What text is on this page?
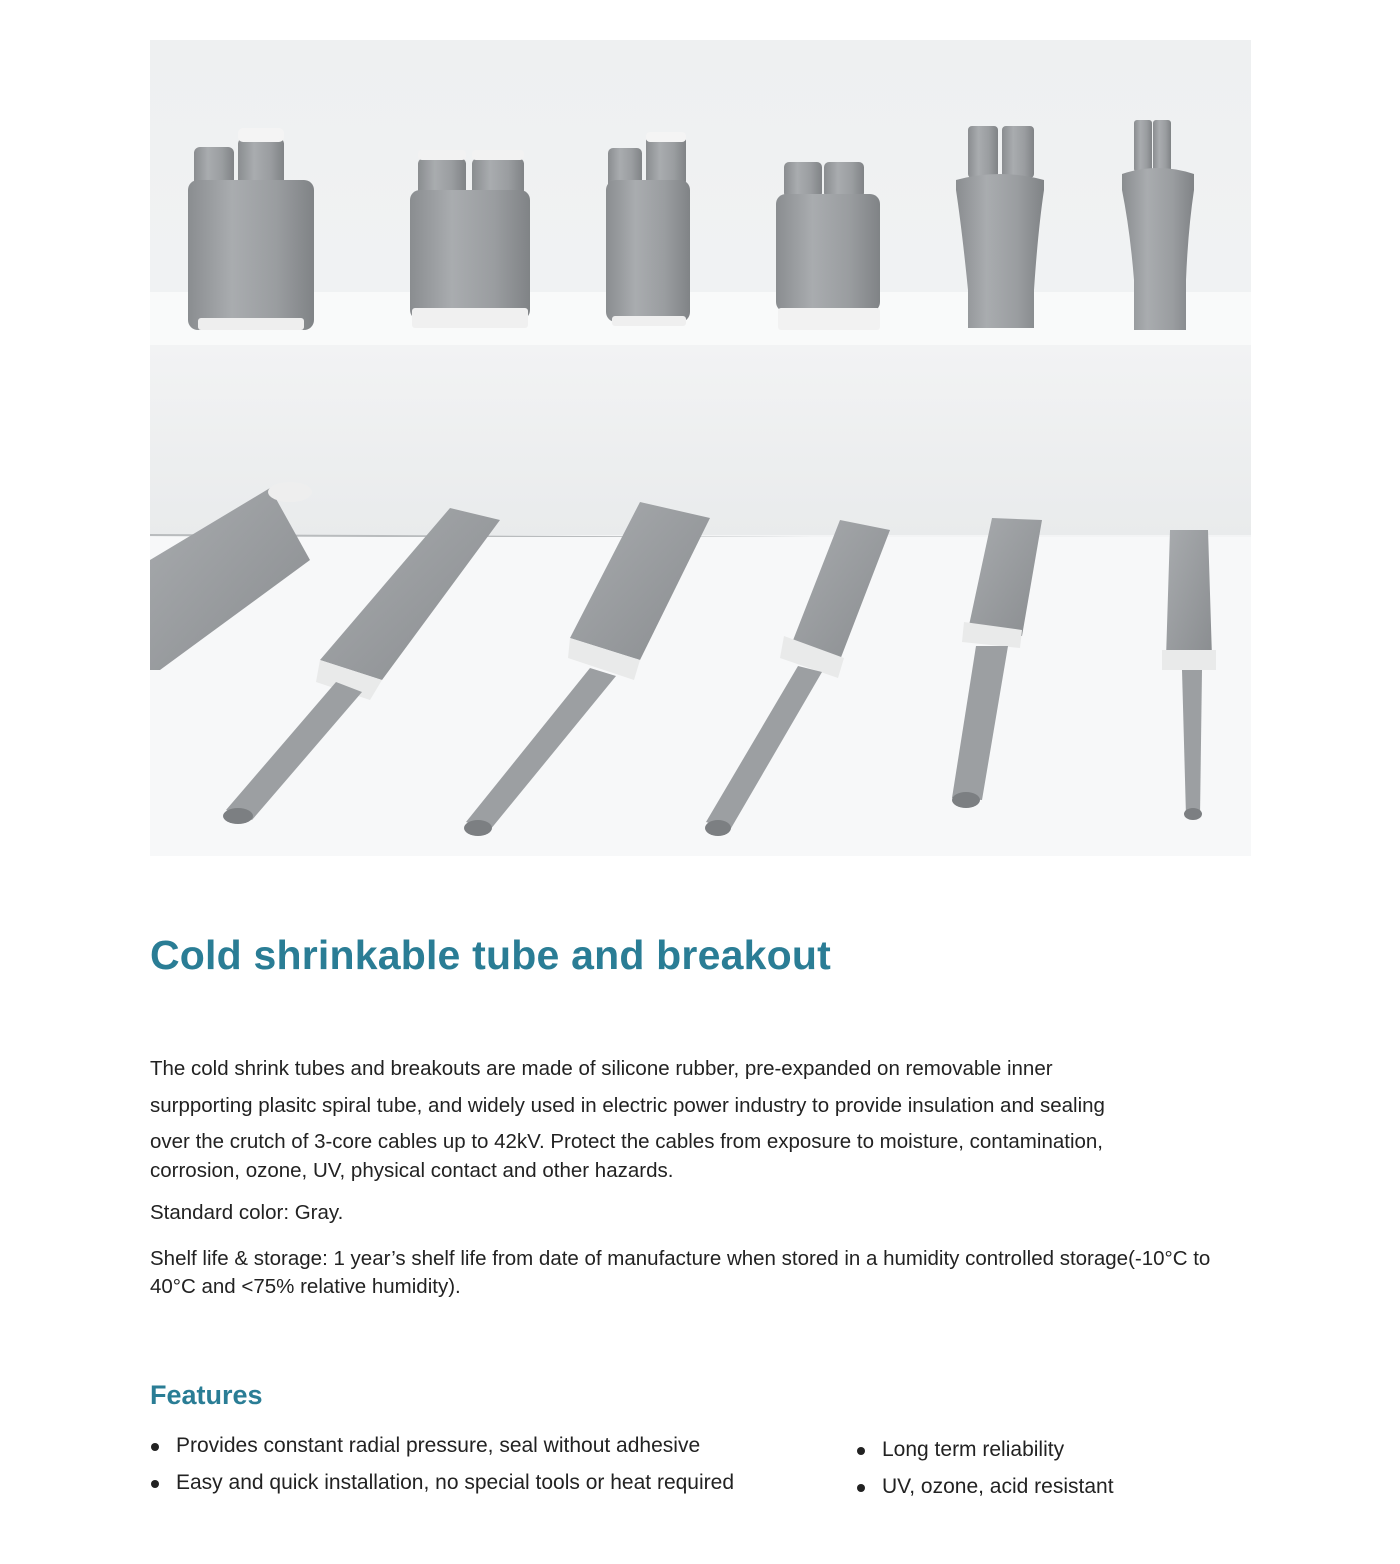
Cold shrinkable tube and breakout

The cold shrink tubes and breakouts are made of silicone rubber, pre-expanded on removable inner
surpporting plasitc spiral tube, and widely used in electric power industry to provide insulation and sealing
over the crutch of 3-core cables up to 42kV. Protect the cables from exposure to moisture, contamination,
corrosion, ozone, UV, physical contact and other hazards.

Standard color: Gray.

Shelf life & storage: 1 year’s shelf life from date of manufacture when stored in a humidity controlled storage(-10°C to 40°C and <75% relative humidity).

Features
Provides constant radial pressure, seal without adhesive
Easy and quick installation, no special tools or heat required
Long term reliability
UV, ozone, acid resistant
